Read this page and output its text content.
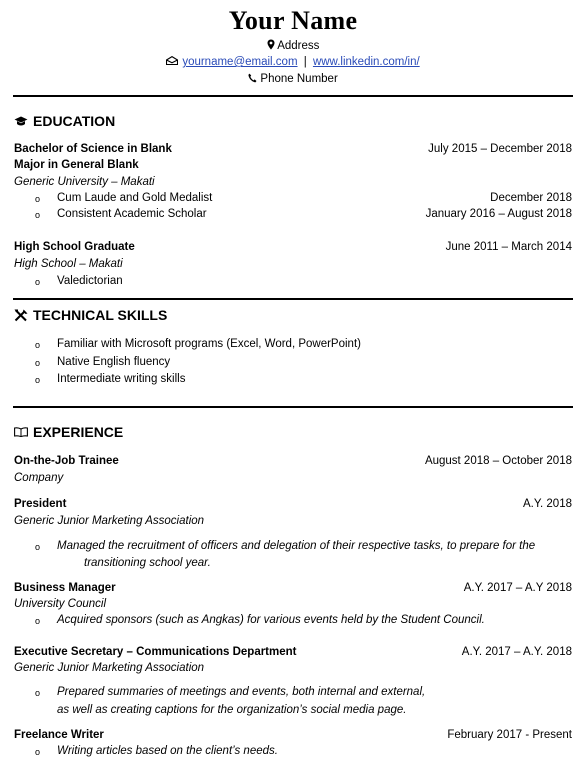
Your Name
Address
yourname@email.com | www.linkedin.com/in/
Phone Number
EDUCATION
Bachelor of Science in Blank	July 2015 – December 2018
Major in General Blank
Generic University – Makati
o Cum Laude and Gold Medalist	December 2018
o Consistent Academic Scholar	January 2016 – August 2018
High School Graduate	June 2011 – March 2014
High School – Makati
o Valedictorian
TECHNICAL SKILLS
o Familiar with Microsoft programs (Excel, Word, PowerPoint)
o Native English fluency
o Intermediate writing skills
EXPERIENCE
On-the-Job Trainee	August 2018 – October 2018
Company
President	A.Y. 2018
Generic Junior Marketing Association
o Managed the recruitment of officers and delegation of their respective tasks, to prepare for the
transitioning school year.
Business Manager	A.Y. 2017 – A.Y 2018
University Council
o Acquired sponsors (such as Angkas) for various events held by the Student Council.
Executive Secretary – Communications Department	A.Y. 2017 – A.Y. 2018
Generic Junior Marketing Association
o Prepared summaries of meetings and events, both internal and external,
as well as creating captions for the organization’s social media page.
Freelance Writer	February 2017 - Present
o Writing articles based on the client’s needs.
